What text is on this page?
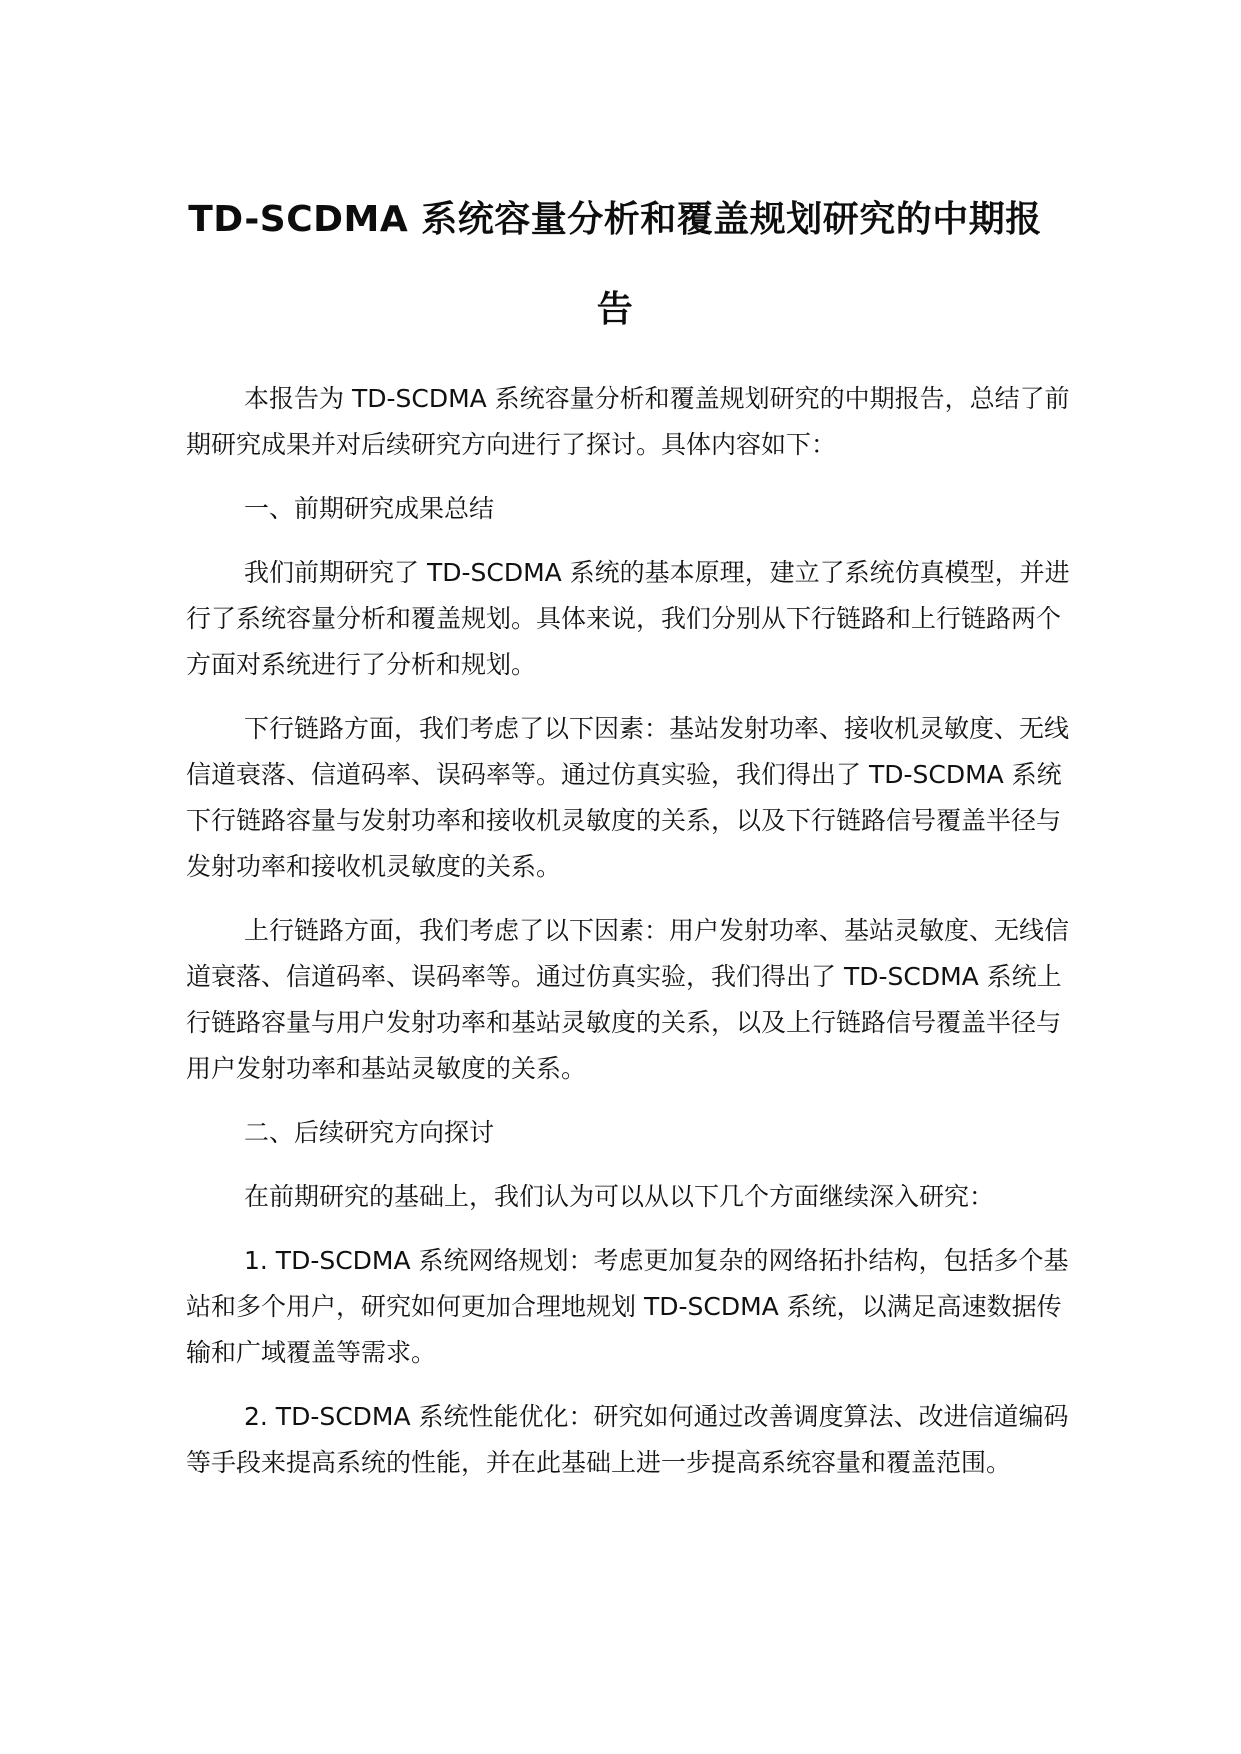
TD-SCDMA 系统容量分析和覆盖规划研究的中期报告

本报告为 TD-SCDMA 系统容量分析和覆盖规划研究的中期报告，总结了前期研究成果并对后续研究方向进行了探讨。具体内容如下：

一、前期研究成果总结

我们前期研究了 TD-SCDMA 系统的基本原理，建立了系统仿真模型，并进行了系统容量分析和覆盖规划。具体来说，我们分别从下行链路和上行链路两个方面对系统进行了分析和规划。

下行链路方面，我们考虑了以下因素：基站发射功率、接收机灵敏度、无线信道衰落、信道码率、误码率等。通过仿真实验，我们得出了 TD-SCDMA 系统下行链路容量与发射功率和接收机灵敏度的关系，以及下行链路信号覆盖半径与发射功率和接收机灵敏度的关系。

上行链路方面，我们考虑了以下因素：用户发射功率、基站灵敏度、无线信道衰落、信道码率、误码率等。通过仿真实验，我们得出了 TD-SCDMA 系统上行链路容量与用户发射功率和基站灵敏度的关系，以及上行链路信号覆盖半径与用户发射功率和基站灵敏度的关系。

二、后续研究方向探讨

在前期研究的基础上，我们认为可以从以下几个方面继续深入研究：

1. TD-SCDMA 系统网络规划：考虑更加复杂的网络拓扑结构，包括多个基站和多个用户，研究如何更加合理地规划 TD-SCDMA 系统，以满足高速数据传输和广域覆盖等需求。

2. TD-SCDMA 系统性能优化：研究如何通过改善调度算法、改进信道编码等手段来提高系统的性能，并在此基础上进一步提高系统容量和覆盖范围。
